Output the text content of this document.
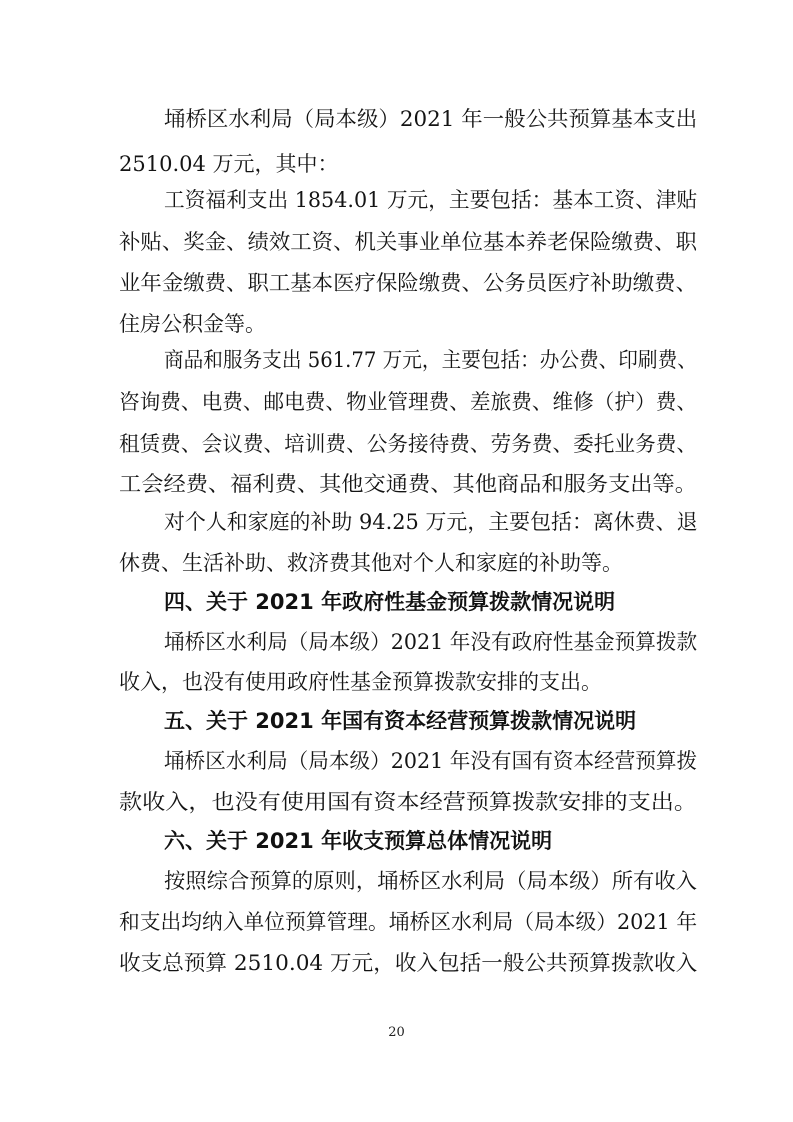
埇桥区水利局（局本级）2021 年一般公共预算基本支出
2510.04 万元，其中：
工资福利支出 1854.01 万元，主要包括：基本工资、津贴
补贴、奖金、绩效工资、机关事业单位基本养老保险缴费、职
业年金缴费、职工基本医疗保险缴费、公务员医疗补助缴费、
住房公积金等。
商品和服务支出 561.77 万元，主要包括：办公费、印刷费、
咨询费、电费、邮电费、物业管理费、差旅费、维修（护）费、
租赁费、会议费、培训费、公务接待费、劳务费、委托业务费、
工会经费、福利费、其他交通费、其他商品和服务支出等。
对个人和家庭的补助 94.25 万元，主要包括：离休费、退
休费、生活补助、救济费其他对个人和家庭的补助等。
四、关于 2021 年政府性基金预算拨款情况说明
埇桥区水利局（局本级）2021 年没有政府性基金预算拨款
收入，也没有使用政府性基金预算拨款安排的支出。
五、关于 2021 年国有资本经营预算拨款情况说明
埇桥区水利局（局本级）2021 年没有国有资本经营预算拨
款收入，也没有使用国有资本经营预算拨款安排的支出。
六、关于 2021 年收支预算总体情况说明
按照综合预算的原则，埇桥区水利局（局本级）所有收入
和支出均纳入单位预算管理。埇桥区水利局（局本级）2021 年
收支总预算 2510.04 万元，收入包括一般公共预算拨款收入
20
